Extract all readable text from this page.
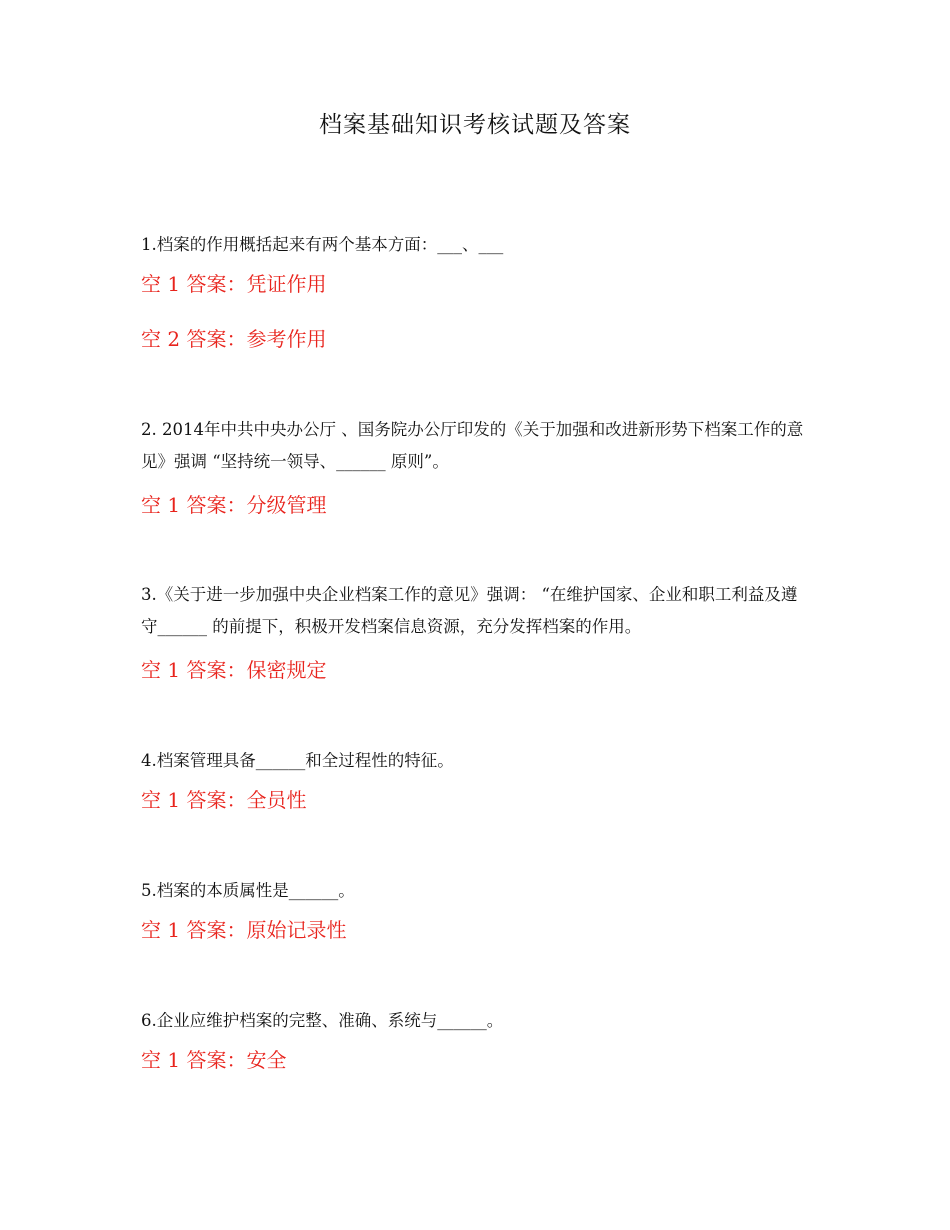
档案基础知识考核试题及答案

1.档案的作用概括起来有两个基本方面：___、___

空 1 答案：凭证作用

空 2 答案：参考作用

2. 2014年中共中央办公厅 、国务院办公厅印发的《关于加强和改进新形势下档案工作的意见》强调 “坚持统一领导、______ 原则”。

空 1 答案：分级管理

3.《关于进一步加强中央企业档案工作的意见》强调： “在维护国家、企业和职工利益及遵守______ 的前提下，积极开发档案信息资源，充分发挥档案的作用。

空 1 答案：保密规定

4.档案管理具备______和全过程性的特征。

空 1 答案：全员性

5.档案的本质属性是______。

空 1 答案：原始记录性

6.企业应维护档案的完整、准确、系统与______。

空 1 答案：安全
